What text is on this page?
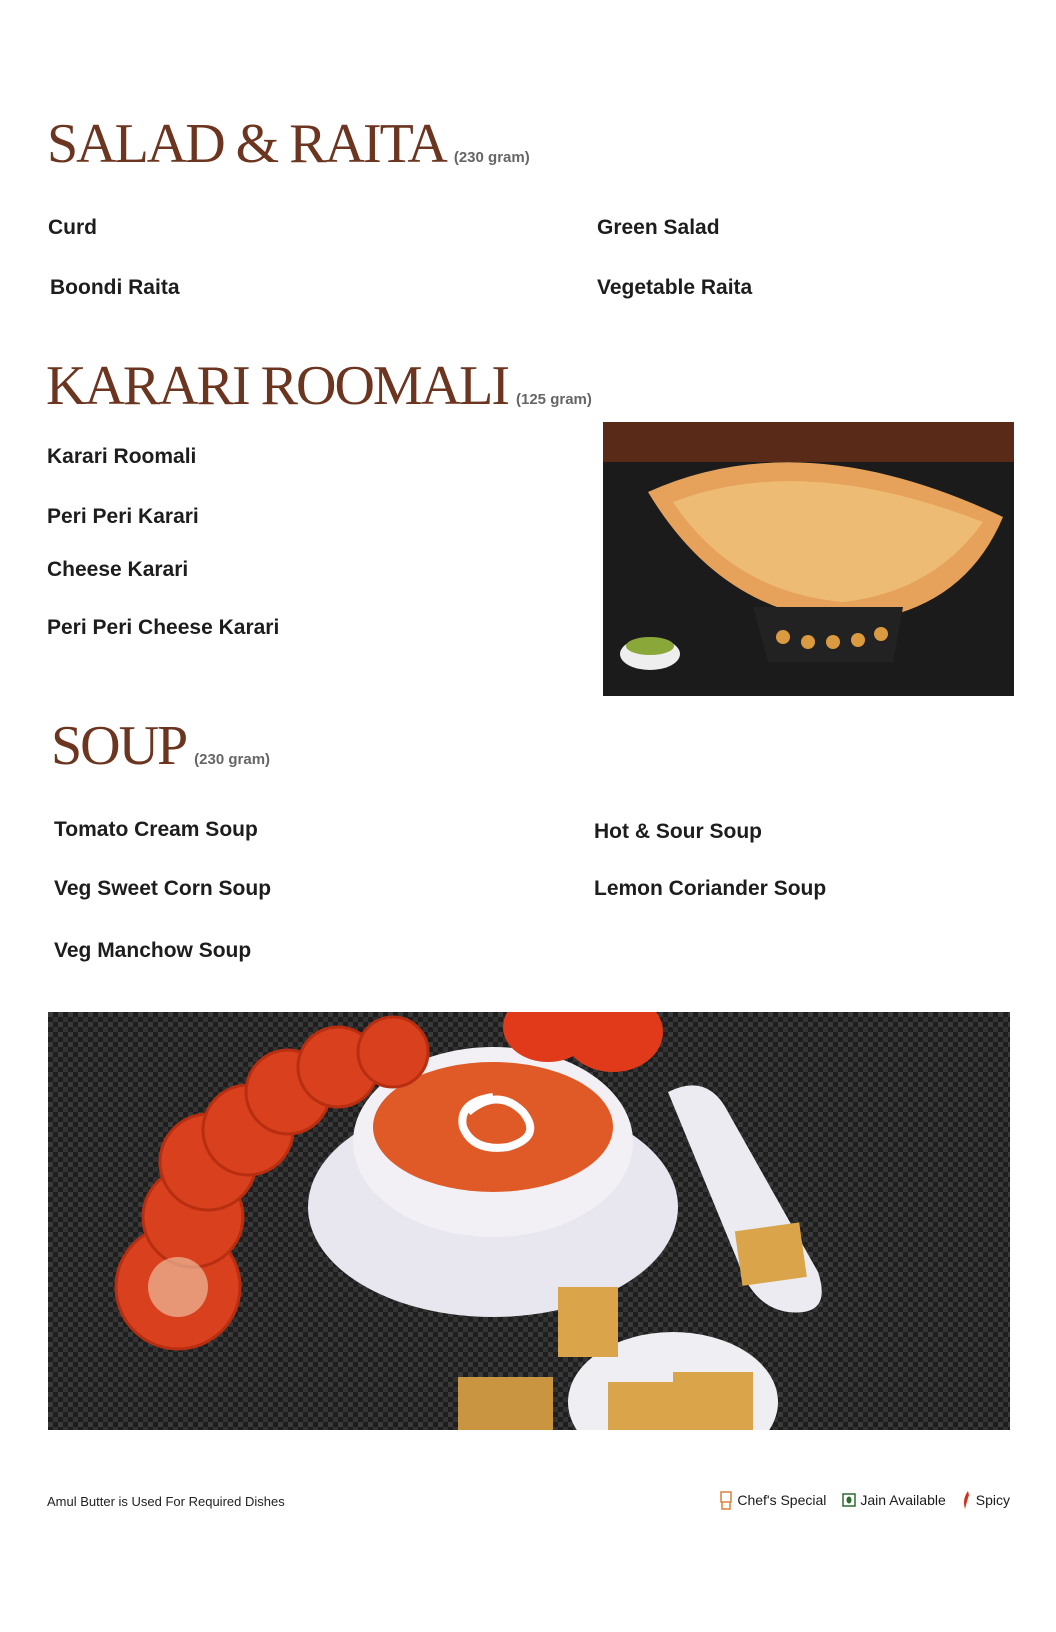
SALAD & RAITA (230 gram)
Curd	Green Salad
Boondi Raita	Vegetable Raita
KARARI ROOMALI (125 gram)
Karari Roomali
Peri Peri Karari
Cheese Karari
Peri Peri Cheese Karari
SOUP (230 gram)
Tomato Cream Soup	Hot & Sour Soup
Veg Sweet Corn Soup	Lemon Coriander Soup
Veg Manchow Soup
Amul Butter is Used For Required Dishes	Chef's Special Jain Available Spicy
